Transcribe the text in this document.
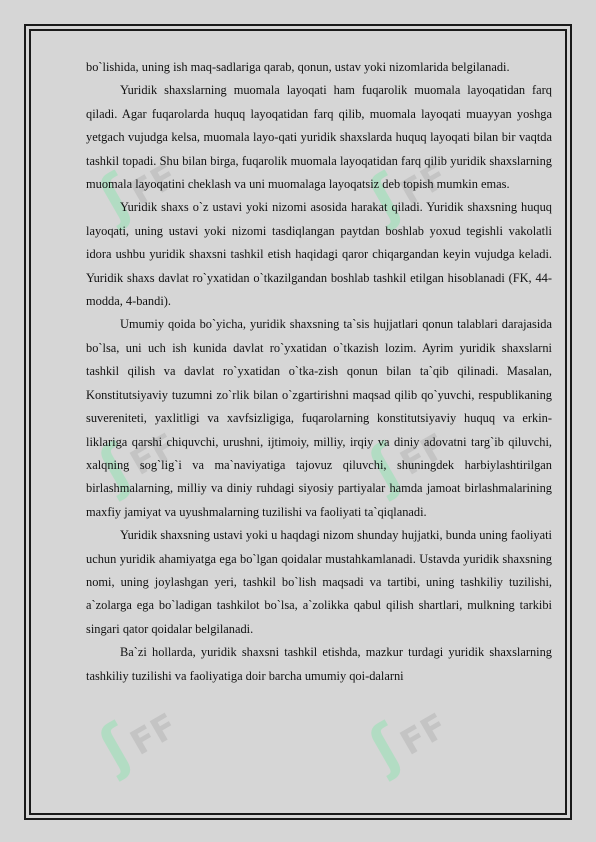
ʃFF	ʃFF
ʃFF	ʃFF
ʃFF	ʃFF

bo`lishida, uning ish maq-sadlariga qarab, qonun, ustav yoki nizomlarida belgilanadi.

Yuridik shaxslarning muomala layoqati ham fuqarolik muomala layoqatidan farq qiladi. Agar fuqarolarda huquq layoqatidan farq qilib, muomala layoqati muayyan yoshga yetgach vujudga kelsa, muomala layo-qati yuridik shaxslarda huquq layoqati bilan bir vaqtda tashkil topadi. Shu bilan birga, fuqarolik muomala layoqatidan farq qilib yuridik shaxslarning muomala layoqatini cheklash va uni muomalaga layoqatsiz deb topish mumkin emas.

Yuridik shaxs o`z ustavi yoki nizomi asosida harakat qiladi. Yuridik shaxsning huquq layoqati, uning ustavi yoki nizomi tasdiqlangan paytdan boshlab yoxud tegishli vakolatli idora ushbu yuridik shaxsni tashkil etish haqidagi qaror chiqargandan keyin vujudga keladi. Yuridik shaxs davlat ro`yxatidan o`tkazilgandan boshlab tashkil etilgan hisoblanadi (FK, 44-modda, 4-bandi).

Umumiy qoida bo`yicha, yuridik shaxsning ta`sis hujjatlari qonun talablari darajasida bo`lsa, uni uch ish kunida davlat ro`yxatidan o`tkazish lozim. Ayrim yuridik shaxslarni tashkil qilish va davlat ro`yxatidan o`tka-zish qonun bilan ta`qib qilinadi. Masalan, Konstitutsiyaviy tuzumni zo`rlik bilan o`zgartirishni maqsad qilib qo`yuvchi, respublikaning suvereniteti, yaxlitligi va xavfsizligiga, fuqarolarning konstitutsiyaviy huquq va erkin-liklariga qarshi chiquvchi, urushni, ijtimoiy, milliy, irqiy va diniy adovatni targ`ib qiluvchi, xalqning sog`lig`i va ma`naviyatiga tajovuz qiluvchi, shuningdek harbiylashtirilgan birlashmalarning, milliy va diniy ruhdagi siyosiy partiyalar hamda jamoat birlashmalarining maxfiy jamiyat va uyushmalarning tuzilishi va faoliyati ta`qiqlanadi.

Yuridik shaxsning ustavi yoki u haqdagi nizom shunday hujjatki, bunda uning faoliyati uchun yuridik ahamiyatga ega bo`lgan qoidalar mustahkamlanadi. Ustavda yuridik shaxsning nomi, uning joylashgan yeri, tashkil bo`lish maqsadi va tartibi, uning tashkiliy tuzilishi, a`zolarga ega bo`ladigan tashkilot bo`lsa, a`zolikka qabul qilish shartlari, mulkning tarkibi singari qator qoidalar belgilanadi.

Ba`zi hollarda, yuridik shaxsni tashkil etishda, mazkur turdagi yuridik shaxslarning tashkiliy tuzilishi va faoliyatiga doir barcha umumiy qoi-dalarni
